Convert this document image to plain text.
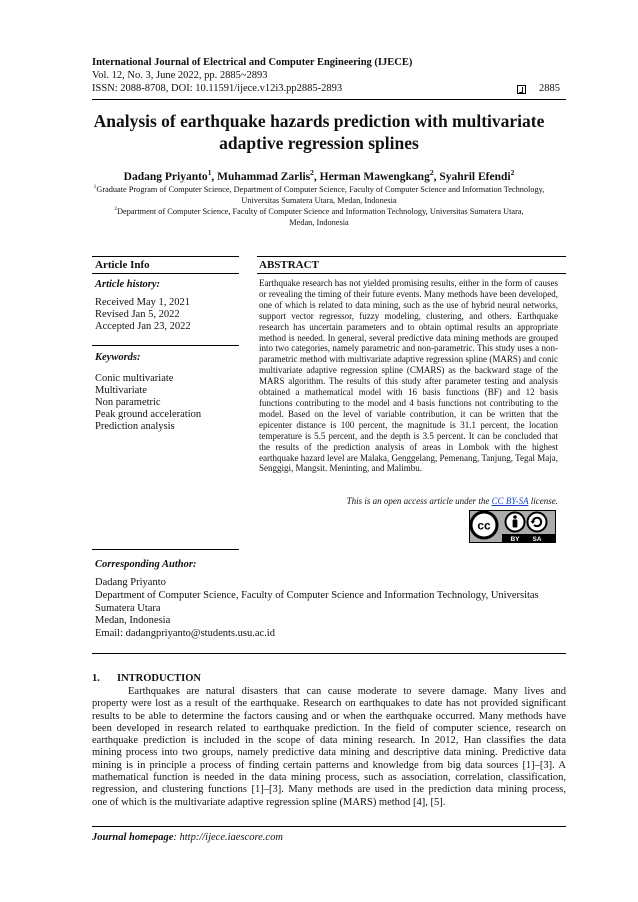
International Journal of Electrical and Computer Engineering (IJECE)
Vol. 12, No. 3, June 2022, pp. 2885~2893
ISSN: 2088-8708, DOI: 10.11591/ijece.v12i3.pp2885-2893	2885
Analysis of earthquake hazards prediction with multivariate
adaptive regression splines
Dadang Priyanto$^1$, Muhammad Zarlis$^2$, Herman Mawengkang$^2$, Syahril Efendi$^2$
$^1$Graduate Program of Computer Science, Department of Computer Science, Faculty of Computer Science and Information Technology,
Universitas Sumatera Utara, Medan, Indonesia
$^2$Department of Computer Science, Faculty of Computer Science and Information Technology, Universitas Sumatera Utara,
Medan, Indonesia
Article Info	ABSTRACT
Article history:
Received May 1, 2021
Revised Jan 5, 2022
Accepted Jan 23, 2022
Keywords:
Conic multivariate
Multivariate
Non parametric
Peak ground acceleration
Prediction analysis
Earthquake research has not yielded promising results, either in the form of causes or revealing the timing of their future events. Many methods have been developed, one of which is related to data mining, such as the use of hybrid neural networks, support vector regressor, fuzzy modeling, clustering, and others. Earthquake research has uncertain parameters and to obtain optimal results an appropriate method is needed. In general, several predictive data mining methods are grouped into two categories, namely parametric and non-parametric. This study uses a non-parametric method with multivariate adaptive regression spline (MARS) and conic multivariate adaptive regression spline (CMARS) as the backward stage of the MARS algorithm. The results of this study after parameter testing and analysis obtained a mathematical model with 16 basis functions (BF) and 12 basis functions contributing to the model and 4 basis functions not contributing to the model. Based on the level of variable contribution, it can be written that the epicenter distance is 100 percent, the magnitude is 31.1 percent, the location temperature is 5.5 percent, and the depth is 3.5 percent. It can be concluded that the results of the prediction analysis of areas in Lombok with the highest earthquake hazard level are Malaka, Genggelang, Pemenang, Tanjung, Tegal Maja, Senggigi, Mangsit. Meninting, and Malimbu.
This is an open access article under the CC BY-SA license.
cc
BY SA
Corresponding Author:
Dadang Priyanto
Department of Computer Science, Faculty of Computer Science and Information Technology, Universitas
Sumatera Utara
Medan, Indonesia
Email: dadangpriyanto@students.usu.ac.id
1. INTRODUCTION
Earthquakes are natural disasters that can cause moderate to severe damage. Many lives and
property were lost as a result of the earthquake. Research on earthquakes to date has not provided significant
results to be able to determine the factors causing and or when the earthquake occurred. Many methods have
been developed in research related to earthquake prediction. In the field of computer science, research on
earthquake prediction is included in the scope of data mining research. In 2012, Han classifies the data
mining process into two groups, namely predictive data mining and descriptive data mining. Predictive data
mining is in principle a process of finding certain patterns and knowledge from big data sources [1]–[3]. A
mathematical function is needed in the data mining process, such as association, correlation, classification,
regression, and clustering functions [1]–[3]. Many methods are used in the prediction data mining process,
one of which is the multivariate adaptive regression spline (MARS) method [4], [5].
Journal homepage: http://ijece.iaescore.com
